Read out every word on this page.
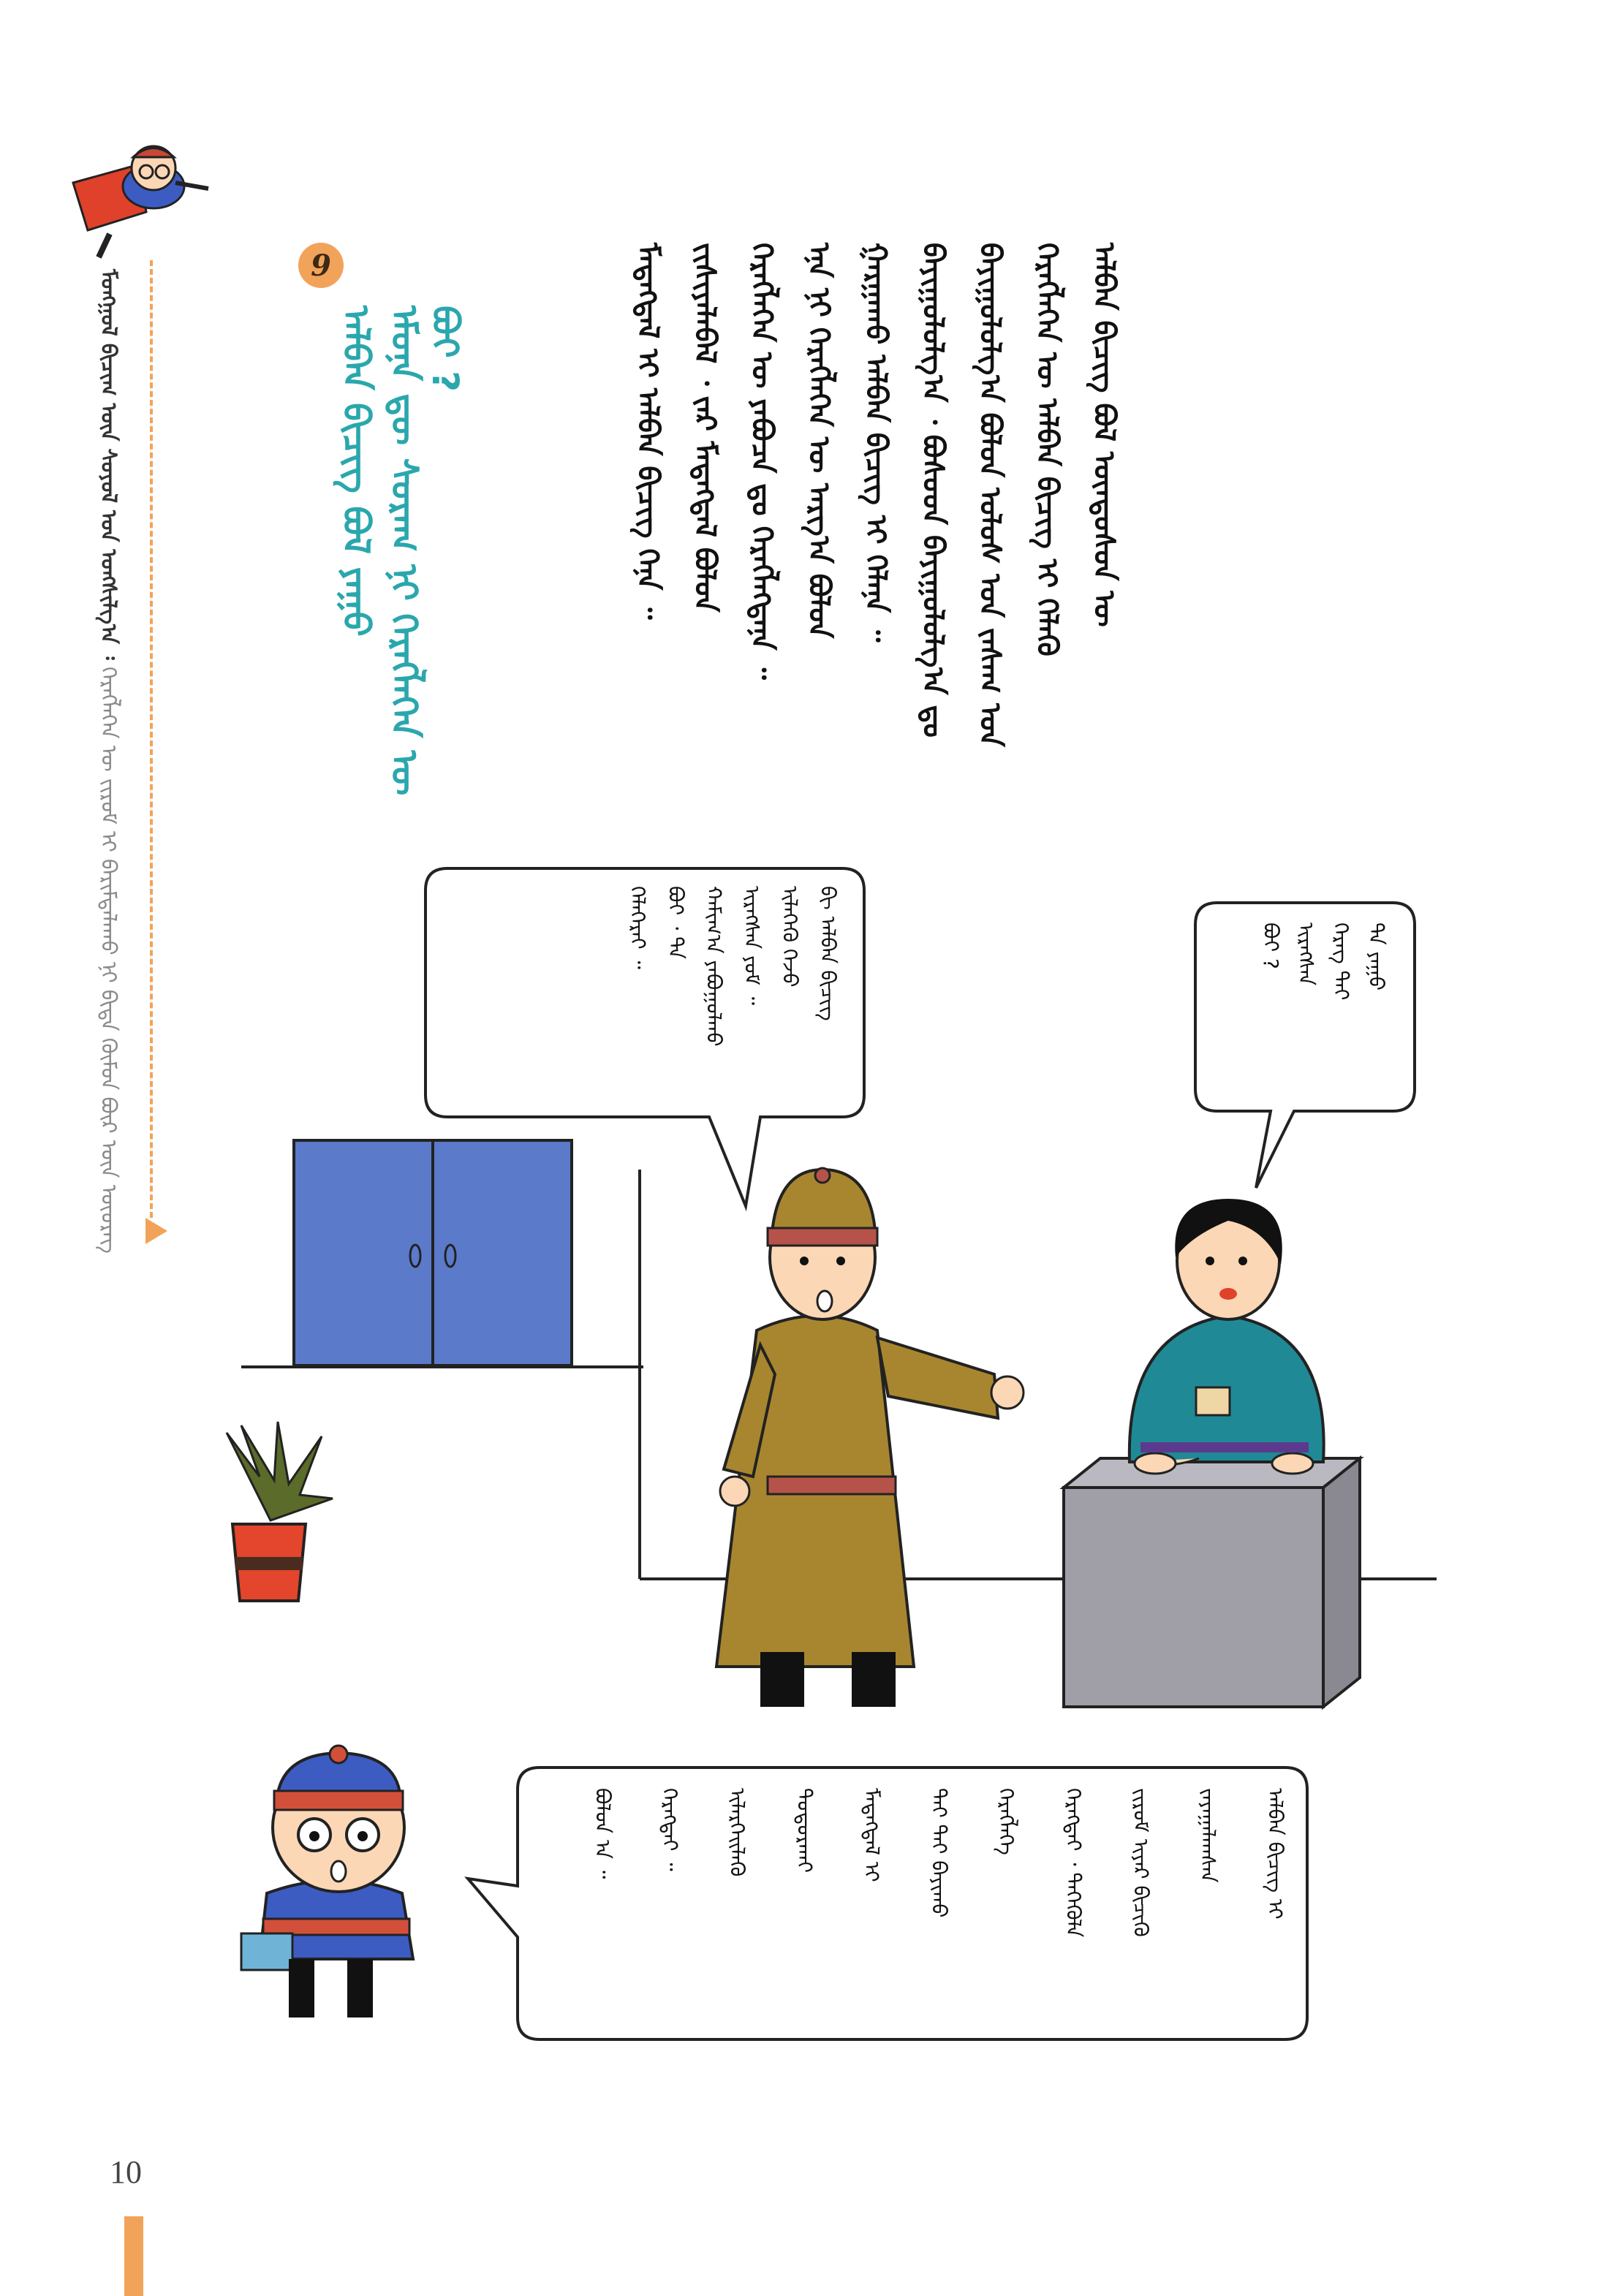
ᠮᠣᠩᠭᠣᠯ ᠪᠢᠴᠢᠭ᠋ ᠦᠨ ᠰᠣᠶᠣᠯ ᠤᠨ ᠤᠩᠰᠢᠯᠭ᠎ᠠ ᠄ ᠬᠡᠷᠡᠭᠯᠡᠭᠡᠨ ᠦ ᠵᠢᠷᠤᠮ ᠢ ᠪᠠᠷᠢᠮᠳᠠᠯᠠᠬᠤ ᠨᠢ ᠪᠢᠳᠡ ᠬᠦᠮᠦᠨ ᠪᠦᠷ ᠦᠨ ᠦᠦᠷᠡᠭ
9
ᠡᠮᠦᠨᠡ ᠳᠦ ᠰᠤᠷᠠᠭ ᠨᠢ ᠬᠡᠷᠡᠭᠯᠡᠭᠡᠨ ᠦ
ᠠᠯᠪᠠᠨ ᠪᠢᠴᠢᠭ ᠪᠣᠯ ᠶᠠᠭᠤ ᠪᠣᠢ ?	ᠠᠯᠪᠠᠨ ᠪᠢᠴᠢᠭ ᠪᠣᠯ ᠦᠨᠳᠦᠰᠦᠨ ᠦ
ᠬᠡᠷᠡᠭᠯᠡᠭᠡᠨ ᠦ ᠠᠯᠪᠠᠨ ᠪᠢᠴᠢᠭ ᠢ ᠬᠡᠯᠡᠬᠦ
ᠪᠠᠶᠢᠭᠤᠯᠤᠯᠭ᠎ᠠ ᠪᠣᠯᠤᠨ ᠤᠯᠤᠰ ᠤᠨ ᠵᠠᠰᠠᠭ ᠤᠨ
ᠪᠠᠶᠢᠭᠤᠯᠤᠯᠭ᠎ᠠ ᠂ ᠪᠤᠰᠤᠳ ᠪᠠᠶᠢᠭᠤᠯᠤᠯᠭ᠎ᠠ ᠳᠤ
ᠭᠠᠷᠭᠠᠬᠤ ᠠᠯᠪᠠᠨ ᠪᠢᠴᠢᠭ ᠢ ᠬᠡᠯᠡᠨᠡ ᠃
ᠡᠨᠡ ᠨᠢ ᠬᠡᠷᠡᠭᠯᠡᠭᠡᠨ ᠦ ᠠᠷᠭ᠎ᠠ ᠪᠣᠯᠤᠨ
ᠬᠡᠷᠡᠭᠯᠡᠭᠡᠨ ᠦ ᠶᠠᠪᠤᠴᠠ ᠳᠤ ᠬᠡᠷᠡᠭᠯᠡᠭᠳᠡᠨᠡ ᠃
ᠵᠢᠱᠢᠶᠡᠯᠡᠪᠡᠯ ᠂ ᠵᠠᠷ ᠮᠡᠳᠡᠭᠳᠡᠯ ᠪᠣᠯᠤᠨ
ᠮᠡᠳᠡᠭᠳᠡᠯ ᠢ ᠠᠯᠪᠠᠨ ᠪᠢᠴᠢᠭ ᠭᠡᠨᠡ ᠃
ᠲᠠ ᠶᠠᠭᠤ
ᠬᠡᠷᠡᠭ ᠲᠡᠢ
ᠢᠷᠡᠭᠰᠡᠨ
ᠪᠣᠢ ?
ᠪᠢ ᠠᠯᠪᠠᠨ ᠪᠢᠴᠢᠭ
ᠢᠯᠡᠭᠡᠬᠦ ᠭᠡᠵᠦ
ᠢᠷᠡᠭᠰᠡᠨ ᠶᠤᠮ ᠃
ᠬᠠᠮᠢᠭ᠎ᠠ ᠶᠠᠪᠤᠭᠤᠯᠬᠤ
ᠪᠣᠢ ᠂ ᠲᠠ
ᠬᠡᠯᠡᠭᠡᠷᠡᠢ ᠃
ᠠᠯᠪᠠᠨ ᠪᠢᠴᠢᠭ ᠢ
ᠵᠠᠶᠠᠭᠠᠯᠠᠭᠰᠠᠨ
ᠵᠢᠷᠤᠮ ᠢᠶᠠᠷ ᠪᠢᠴᠢᠬᠦ
ᠬᠡᠷᠡᠭᠲᠡᠢ ᠂ ᠲᠡᠭᠡᠭᠦᠯᠡ
ᠬᠡᠷᠡᠭᠯᠡᠭᠡ
ᠲᠡᠶ ᠲᠠᠢ ᠪᠠᠶᠢᠬᠤ
ᠮᠡᠳᠡᠭᠳᠡᠯ ᠢ
ᠲᠣᠳᠣᠷᠬᠠᠢ
ᠢᠯᠡᠷᠬᠡᠢᠯᠡᠬᠦ
ᠬᠡᠷᠡᠭᠲᠡᠢ ᠃
ᠪᠣᠯᠤᠨ ᠠ ᠃
10
